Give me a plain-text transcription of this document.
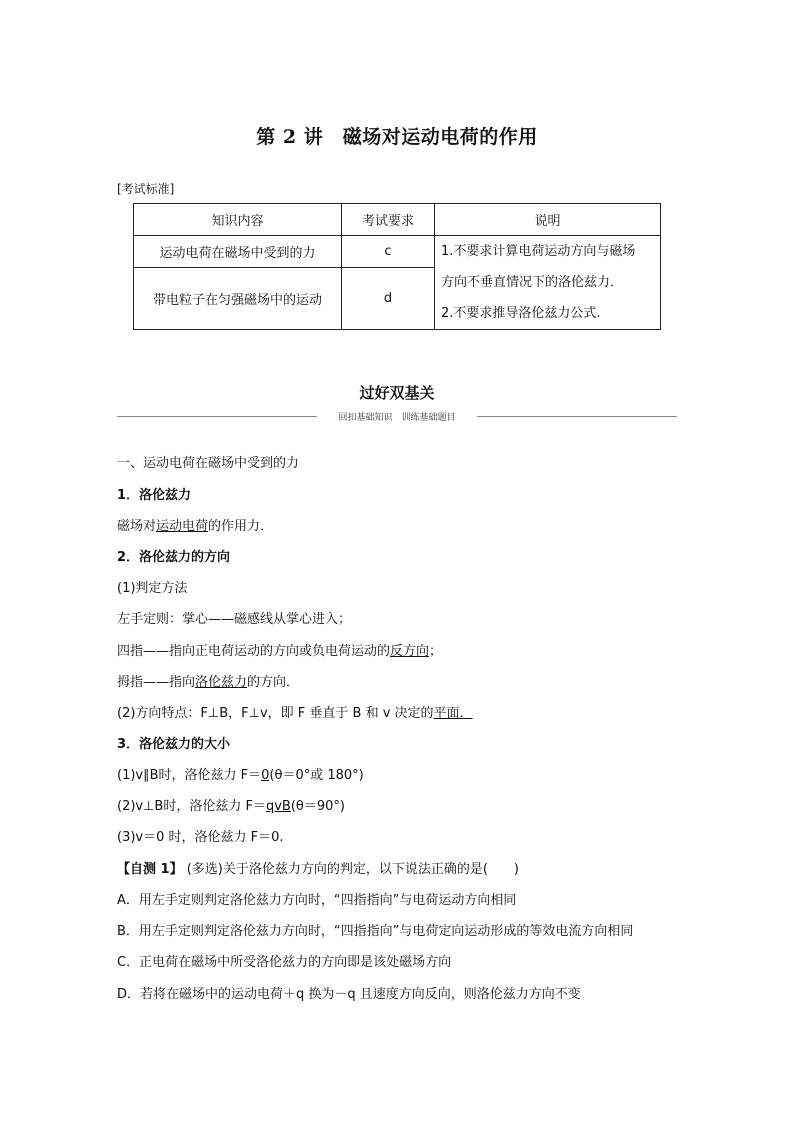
第 2 讲　磁场对运动电荷的作用
[考试标准]
知识内容	考试要求	说明
运动电荷在磁场中受到的力	c	1.不要求计算电荷运动方向与磁场
方向不垂直情况下的洛伦兹力．
2.不要求推导洛伦兹力公式.

带电粒子在匀强磁场中的运动	d	
过好双基关
回扣基础知识　训练基础题目
一、运动电荷在磁场中受到的力
1．洛伦兹力
磁场对运动电荷的作用力．
2．洛伦兹力的方向
(1)判定方法
左手定则：掌心——磁感线从掌心进入；
四指——指向正电荷运动的方向或负电荷运动的反方向；
拇指——指向洛伦兹力的方向．
(2)方向特点：F⊥B，F⊥v，即 F 垂直于 B 和 v 决定的平面．
3．洛伦兹力的大小
(1)v∥B时，洛伦兹力 F＝0(θ＝0°或 180°)
(2)v⊥B时，洛伦兹力 F＝qvB(θ＝90°)
(3)v＝0 时，洛伦兹力 F＝0.
【自测 1】 (多选)关于洛伦兹力方向的判定，以下说法正确的是(　　)
A．用左手定则判定洛伦兹力方向时，“四指指向”与电荷运动方向相同
B．用左手定则判定洛伦兹力方向时，“四指指向”与电荷定向运动形成的等效电流方向相同
C．正电荷在磁场中所受洛伦兹力的方向即是该处磁场方向
D．若将在磁场中的运动电荷＋q 换为－q 且速度方向反向，则洛伦兹力方向不变
